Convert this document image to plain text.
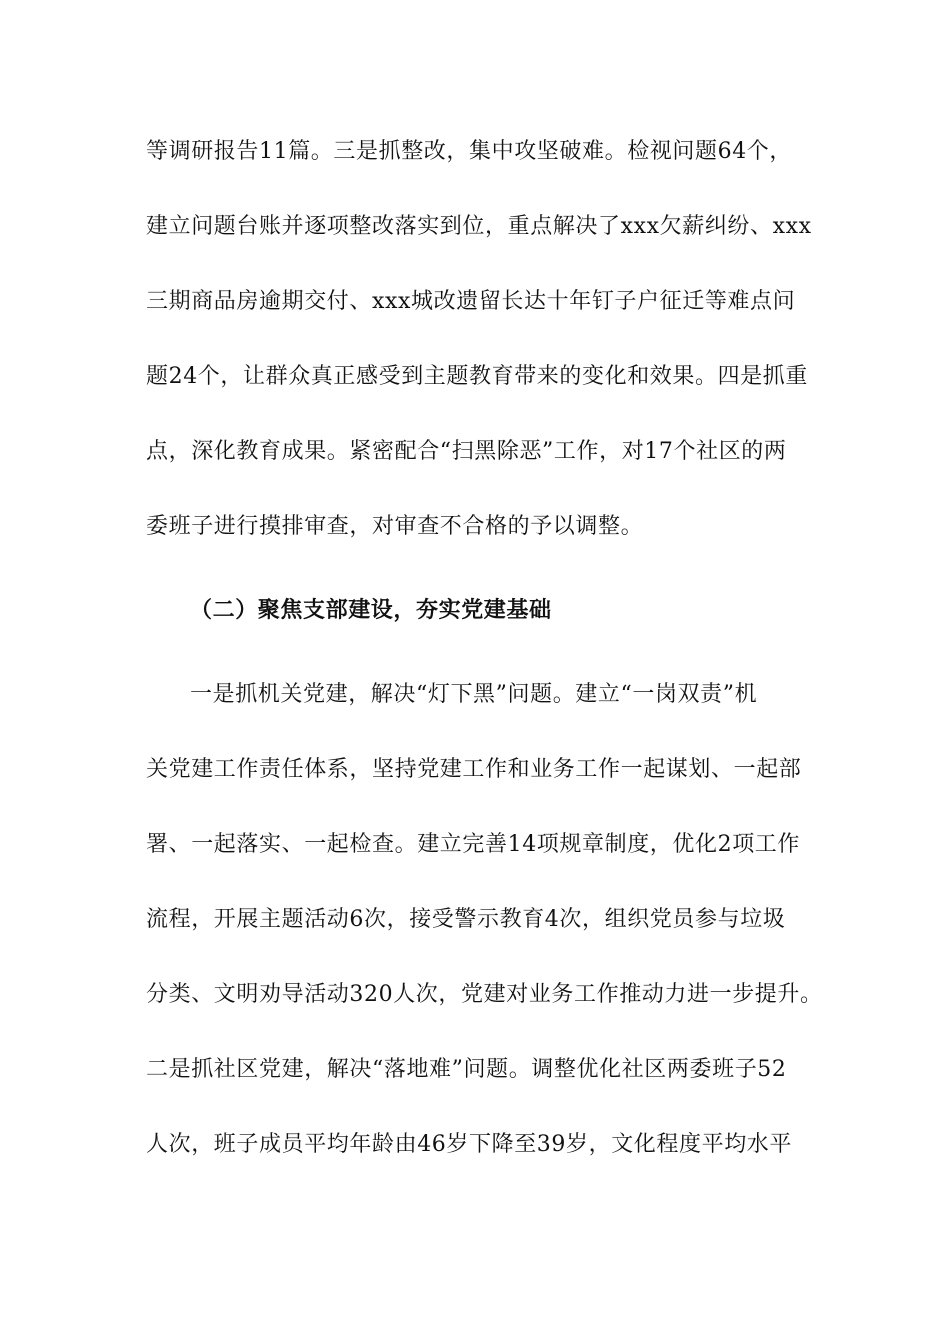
等调研报告11篇。三是抓整改，集中攻坚破难。检视问题64个，
建立问题台账并逐项整改落实到位，重点解决了xxx欠薪纠纷、xxx
三期商品房逾期交付、xxx城改遗留长达十年钉子户征迁等难点问
题24个，让群众真正感受到主题教育带来的变化和效果。四是抓重
点，深化教育成果。紧密配合“扫黑除恶”工作，对17个社区的两
委班子进行摸排审查，对审查不合格的予以调整。
（二）聚焦支部建设，夯实党建基础
一是抓机关党建，解决“灯下黑”问题。建立“一岗双责”机
关党建工作责任体系，坚持党建工作和业务工作一起谋划、一起部
署、一起落实、一起检查。建立完善14项规章制度，优化2项工作
流程，开展主题活动6次，接受警示教育4次，组织党员参与垃圾
分类、文明劝导活动320人次，党建对业务工作推动力进一步提升。
二是抓社区党建，解决“落地难”问题。调整优化社区两委班子52
人次，班子成员平均年龄由46岁下降至39岁，文化程度平均水平
